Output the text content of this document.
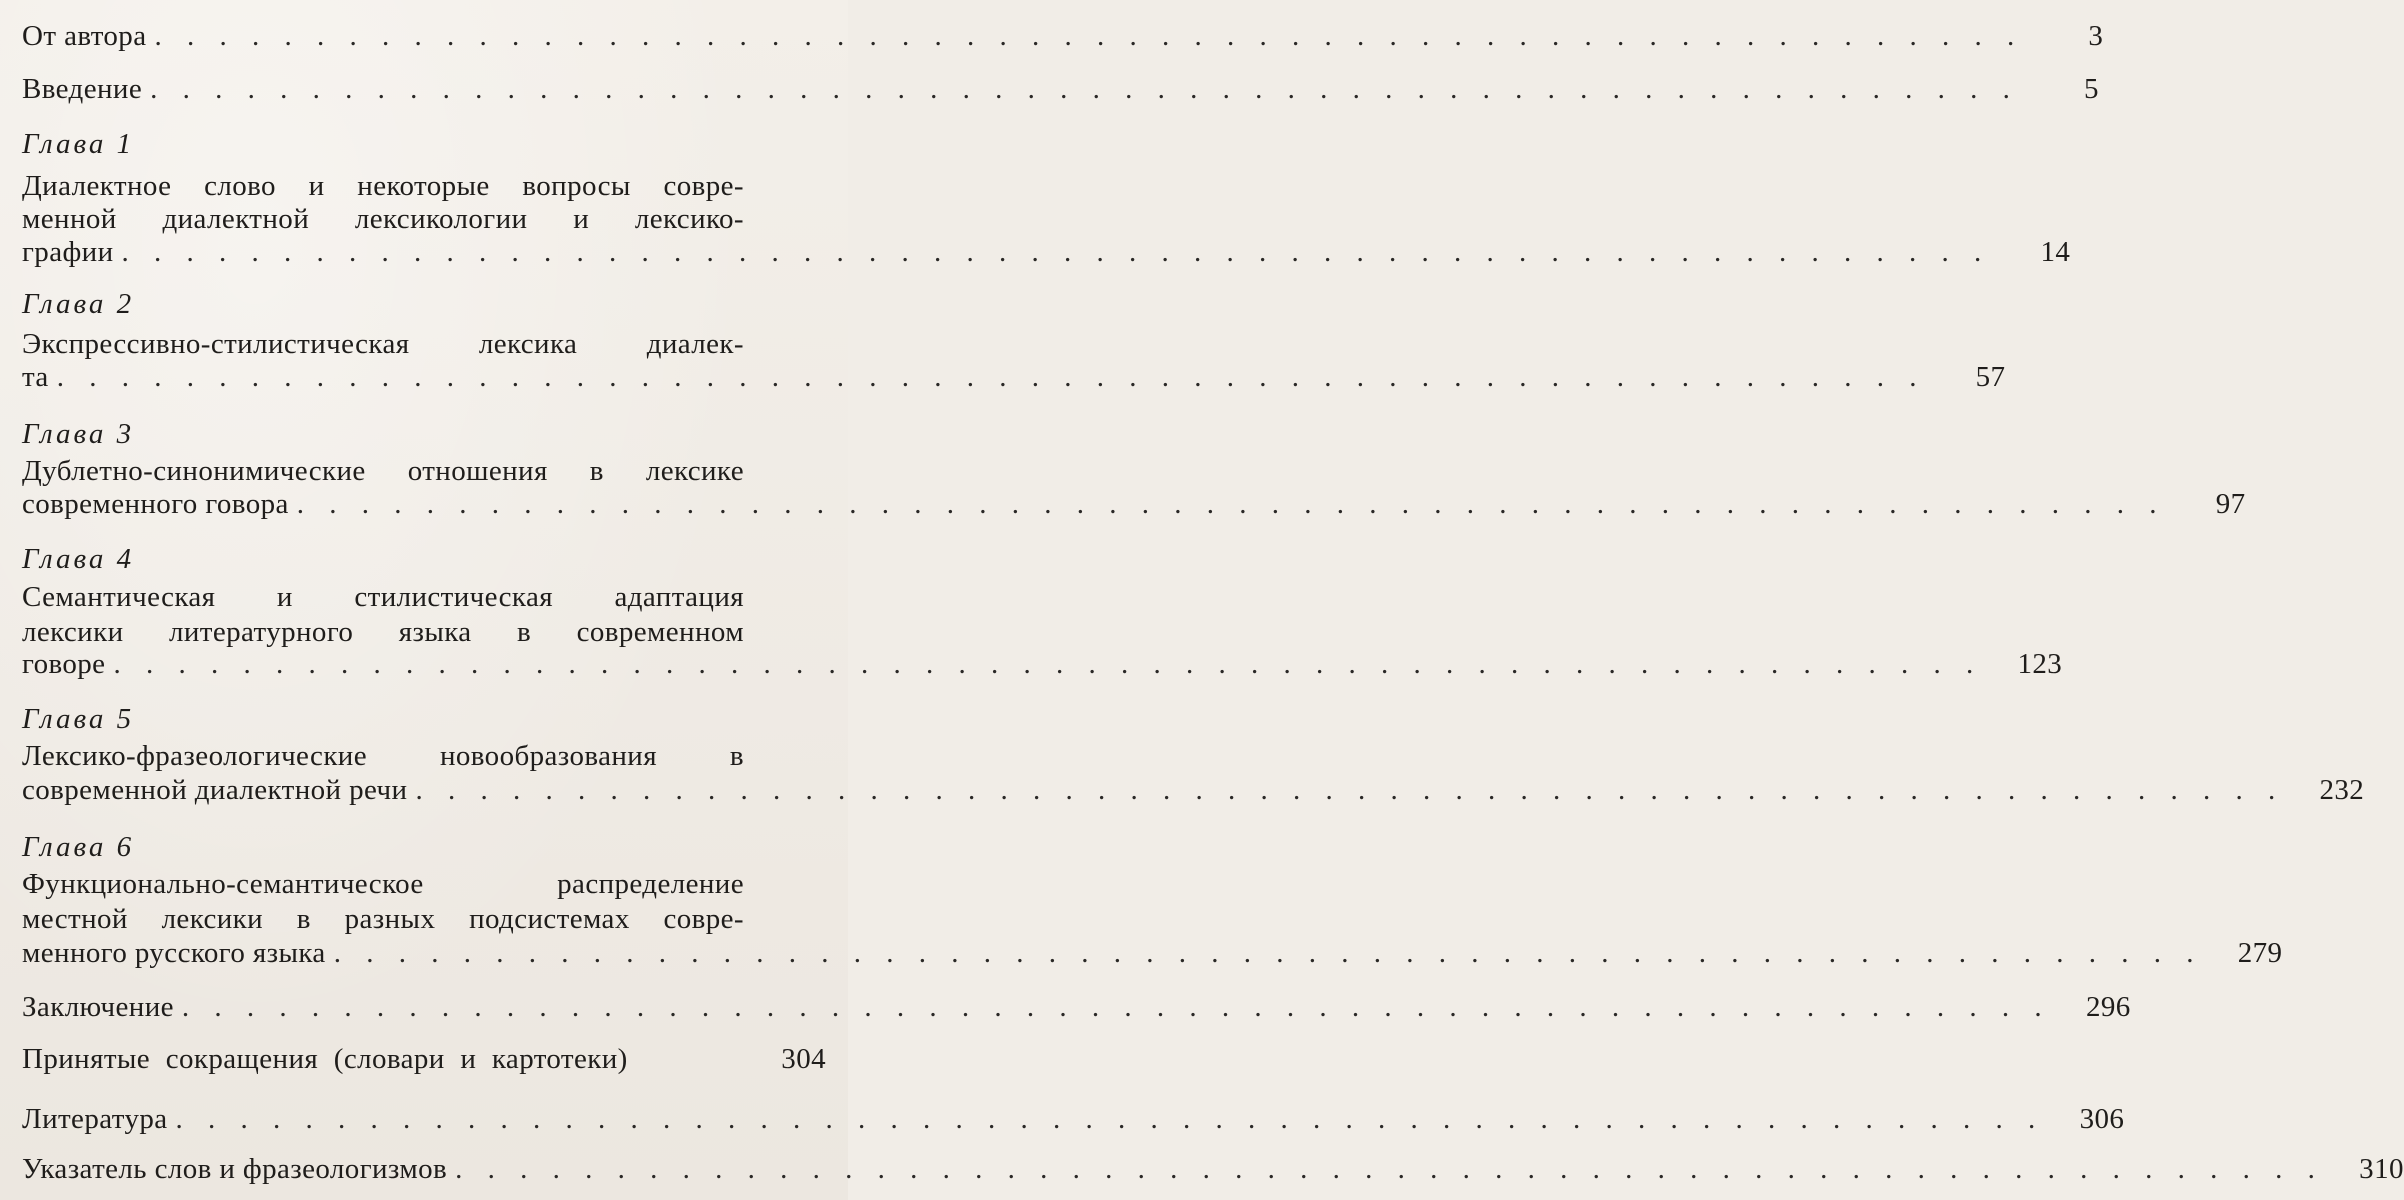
От автора . . . . . . . . . . . . . . . . . . . . . . . . . . . . . . . . . . . . . . . . . . . . . . . . . . . . . . . . . .	3
Введение . . . . . . . . . . . . . . . . . . . . . . . . . . . . . . . . . . . . . . . . . . . . . . . . . . . . . . . . . .	5
Глава 1
Диалектное слово и некоторые вопросы совре-
менной диалектной лексикологии и лексико-
графии . . . . . . . . . . . . . . . . . . . . . . . . . . . . . . . . . . . . . . . . . . . . . . . . . . . . . . . . . .	14
Глава 2
Экспрессивно-стилистическая лексика диалек-
та . . . . . . . . . . . . . . . . . . . . . . . . . . . . . . . . . . . . . . . . . . . . . . . . . . . . . . . . . .	57
Глава 3
Дублетно-синонимические отношения в лексике
современного говора . . . . . . . . . . . . . . . . . . . . . . . . . . . . . . . . . . . . . . . . . . . . . . . . . . . . . . . . . .	97
Глава 4
Семантическая и стилистическая адаптация
лексики литературного языка в современном
говоре . . . . . . . . . . . . . . . . . . . . . . . . . . . . . . . . . . . . . . . . . . . . . . . . . . . . . . . . . .	123
Глава 5
Лексико-фразеологические	новообразования	в
современной диалектной речи . . . . . . . . . . . . . . . . . . . . . . . . . . . . . . . . . . . . . . . . . . . . . . . . . . . . . . . . . .	232
Глава 6
Функционально-семантическое	распределение
местной лексики в разных подсистемах совре-
менного русского языка . . . . . . . . . . . . . . . . . . . . . . . . . . . . . . . . . . . . . . . . . . . . . . . . . . . . . . . . . .	279
Заключение . . . . . . . . . . . . . . . . . . . . . . . . . . . . . . . . . . . . . . . . . . . . . . . . . . . . . . . . . .	296
Принятые сокращения (словари и картотеки)	304
Литература . . . . . . . . . . . . . . . . . . . . . . . . . . . . . . . . . . . . . . . . . . . . . . . . . . . . . . . . . .	306
Указатель слов и фразеологизмов . . . . . . . . . . . . . . . . . . . . . . . . . . . . . . . . . . . . . . . . . . . . . . . . . . . . . . . . . .	310
